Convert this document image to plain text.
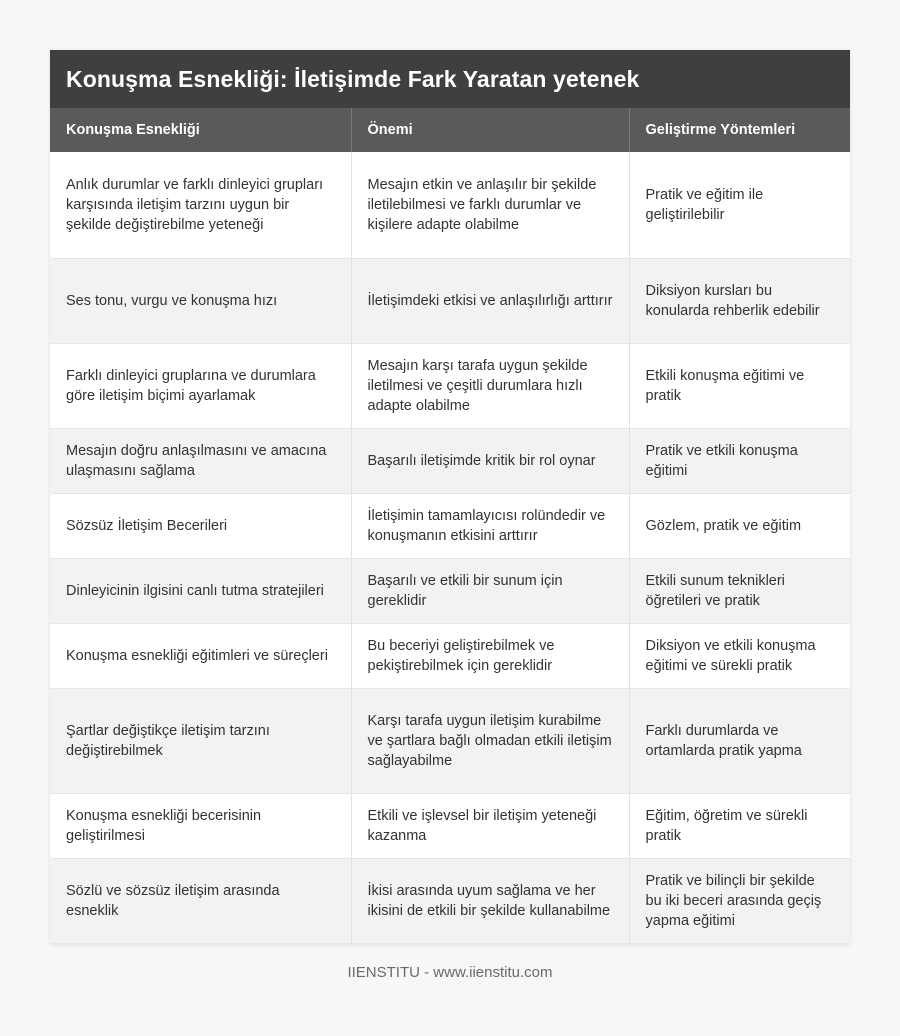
Konuşma Esnekliği: İletişimde Fark Yaratan yetenek
Konuşma Esnekliği	Önemi	Geliştirme Yöntemleri
Anlık durumlar ve farklı dinleyici grupları karşısında iletişim tarzını uygun bir şekilde değiştirebilme yeteneği	Mesajın etkin ve anlaşılır bir şekilde iletilebilmesi ve farklı durumlar ve kişilere adapte olabilme	Pratik ve eğitim ile geliştirilebilir
Ses tonu, vurgu ve konuşma hızı	İletişimdeki etkisi ve anlaşılırlığı arttırır	Diksiyon kursları bu konularda rehberlik edebilir
Farklı dinleyici gruplarına ve durumlara göre iletişim biçimi ayarlamak	Mesajın karşı tarafa uygun şekilde iletilmesi ve çeşitli durumlara hızlı adapte olabilme	Etkili konuşma eğitimi ve pratik
Mesajın doğru anlaşılmasını ve amacına ulaşmasını sağlama	Başarılı iletişimde kritik bir rol oynar	Pratik ve etkili konuşma eğitimi
Sözsüz İletişim Becerileri	İletişimin tamamlayıcısı rolündedir ve konuşmanın etkisini arttırır	Gözlem, pratik ve eğitim
Dinleyicinin ilgisini canlı tutma stratejileri	Başarılı ve etkili bir sunum için gereklidir	Etkili sunum teknikleri öğretileri ve pratik
Konuşma esnekliği eğitimleri ve süreçleri	Bu beceriyi geliştirebilmek ve pekiştirebilmek için gereklidir	Diksiyon ve etkili konuşma eğitimi ve sürekli pratik
Şartlar değiştikçe iletişim tarzını değiştirebilmek	Karşı tarafa uygun iletişim kurabilme ve şartlara bağlı olmadan etkili iletişim sağlayabilme	Farklı durumlarda ve ortamlarda pratik yapma
Konuşma esnekliği becerisinin geliştirilmesi	Etkili ve işlevsel bir iletişim yeteneği kazanma	Eğitim, öğretim ve sürekli pratik
Sözlü ve sözsüz iletişim arasında esneklik	İkisi arasında uyum sağlama ve her ikisini de etkili bir şekilde kullanabilme	Pratik ve bilinçli bir şekilde bu iki beceri arasında geçiş yapma eğitimi
IIENSTITU - www.iienstitu.com
